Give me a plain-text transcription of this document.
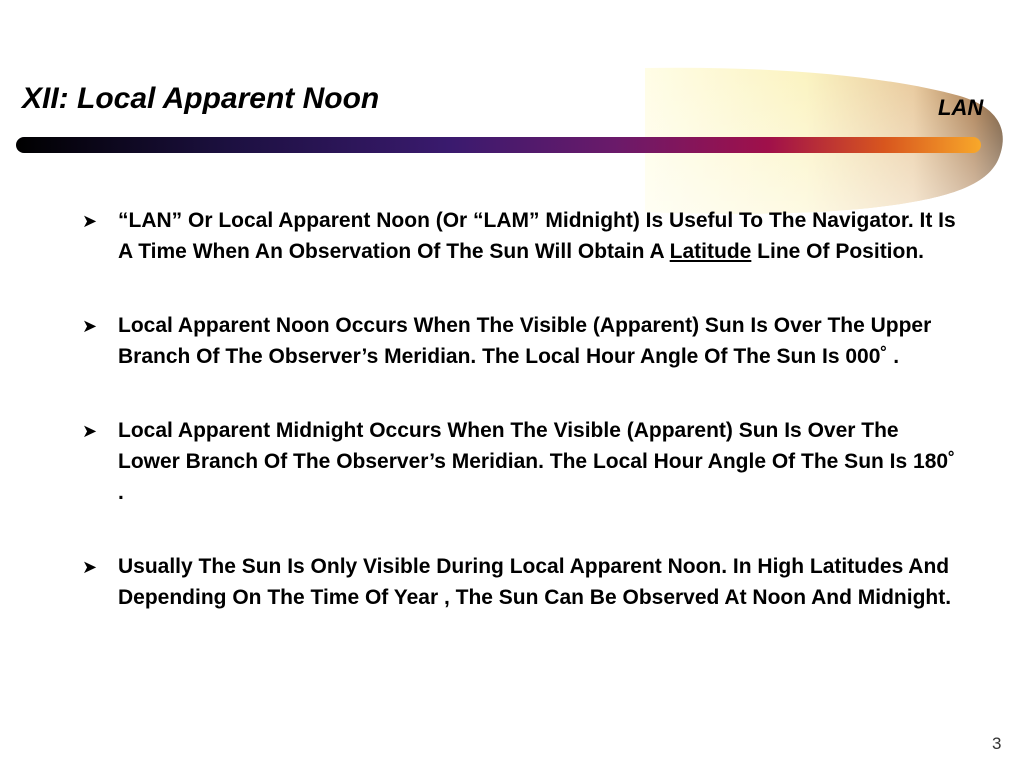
XII: Local Apparent Noon	LAN
➤ “LAN” Or Local Apparent Noon (Or “LAM” Midnight) Is Useful To The Navigator. It Is A Time When An Observation Of The Sun Will Obtain A Latitude Line Of Position.
➤ Local Apparent Noon Occurs When The Visible (Apparent) Sun Is Over The Upper Branch Of The Observer’s Meridian. The Local Hour Angle Of The Sun Is 000˚ .
➤ Local Apparent Midnight Occurs When The Visible (Apparent) Sun Is Over The Lower Branch Of The Observer’s Meridian. The Local Hour Angle Of The Sun Is 180˚ .
➤ Usually The Sun Is Only Visible During Local Apparent Noon. In High Latitudes And Depending On The Time Of Year , The Sun Can Be Observed At Noon And Midnight.
3
